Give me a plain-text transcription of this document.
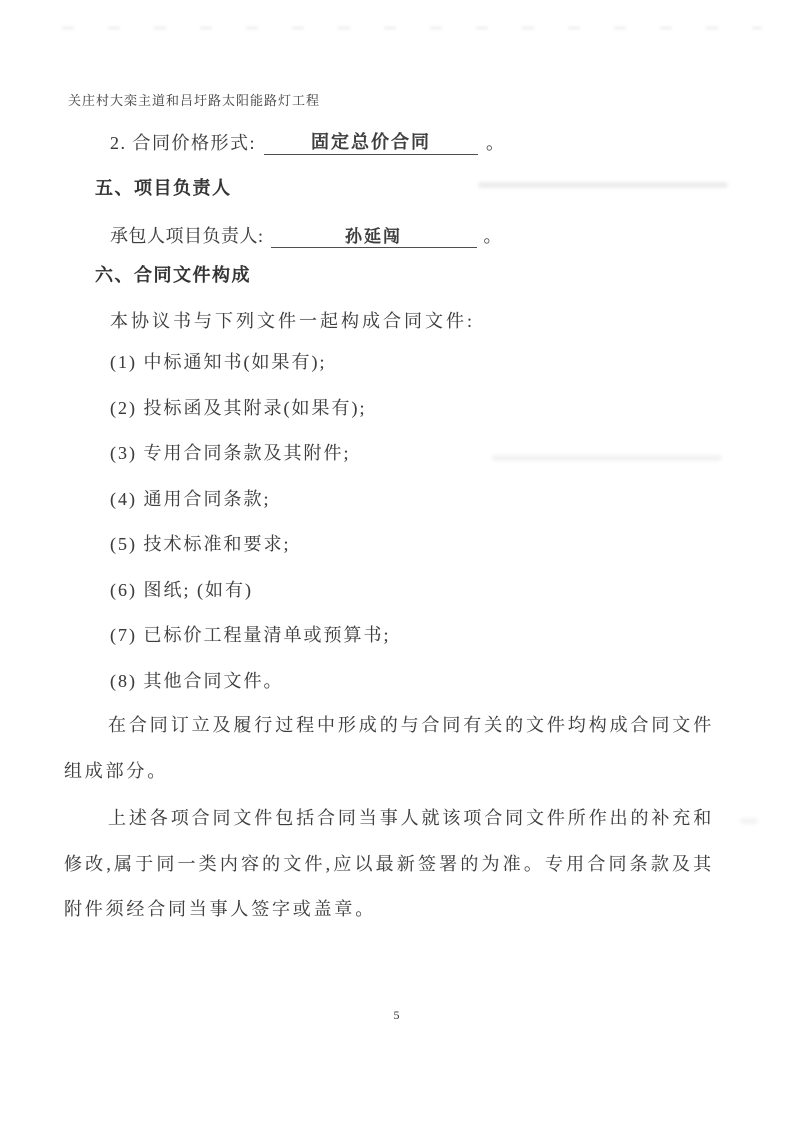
关庄村大栾主道和吕圩路太阳能路灯工程
2. 合同价格形式:	固定总价合同	。
五、项目负责人
承包人项目负责人:	孙延闯	。
六、合同文件构成
本协议书与下列文件一起构成合同文件:
(1) 中标通知书(如果有);
(2) 投标函及其附录(如果有);
(3) 专用合同条款及其附件;
(4) 通用合同条款;
(5) 技术标准和要求;
(6) 图纸; (如有)
(7) 已标价工程量清单或预算书;
(8) 其他合同文件。
在合同订立及履行过程中形成的与合同有关的文件均构成合同文件组成部分。
上述各项合同文件包括合同当事人就该项合同文件所作出的补充和修改,属于同一类内容的文件,应以最新签署的为准。专用合同条款及其附件须经合同当事人签字或盖章。
5
